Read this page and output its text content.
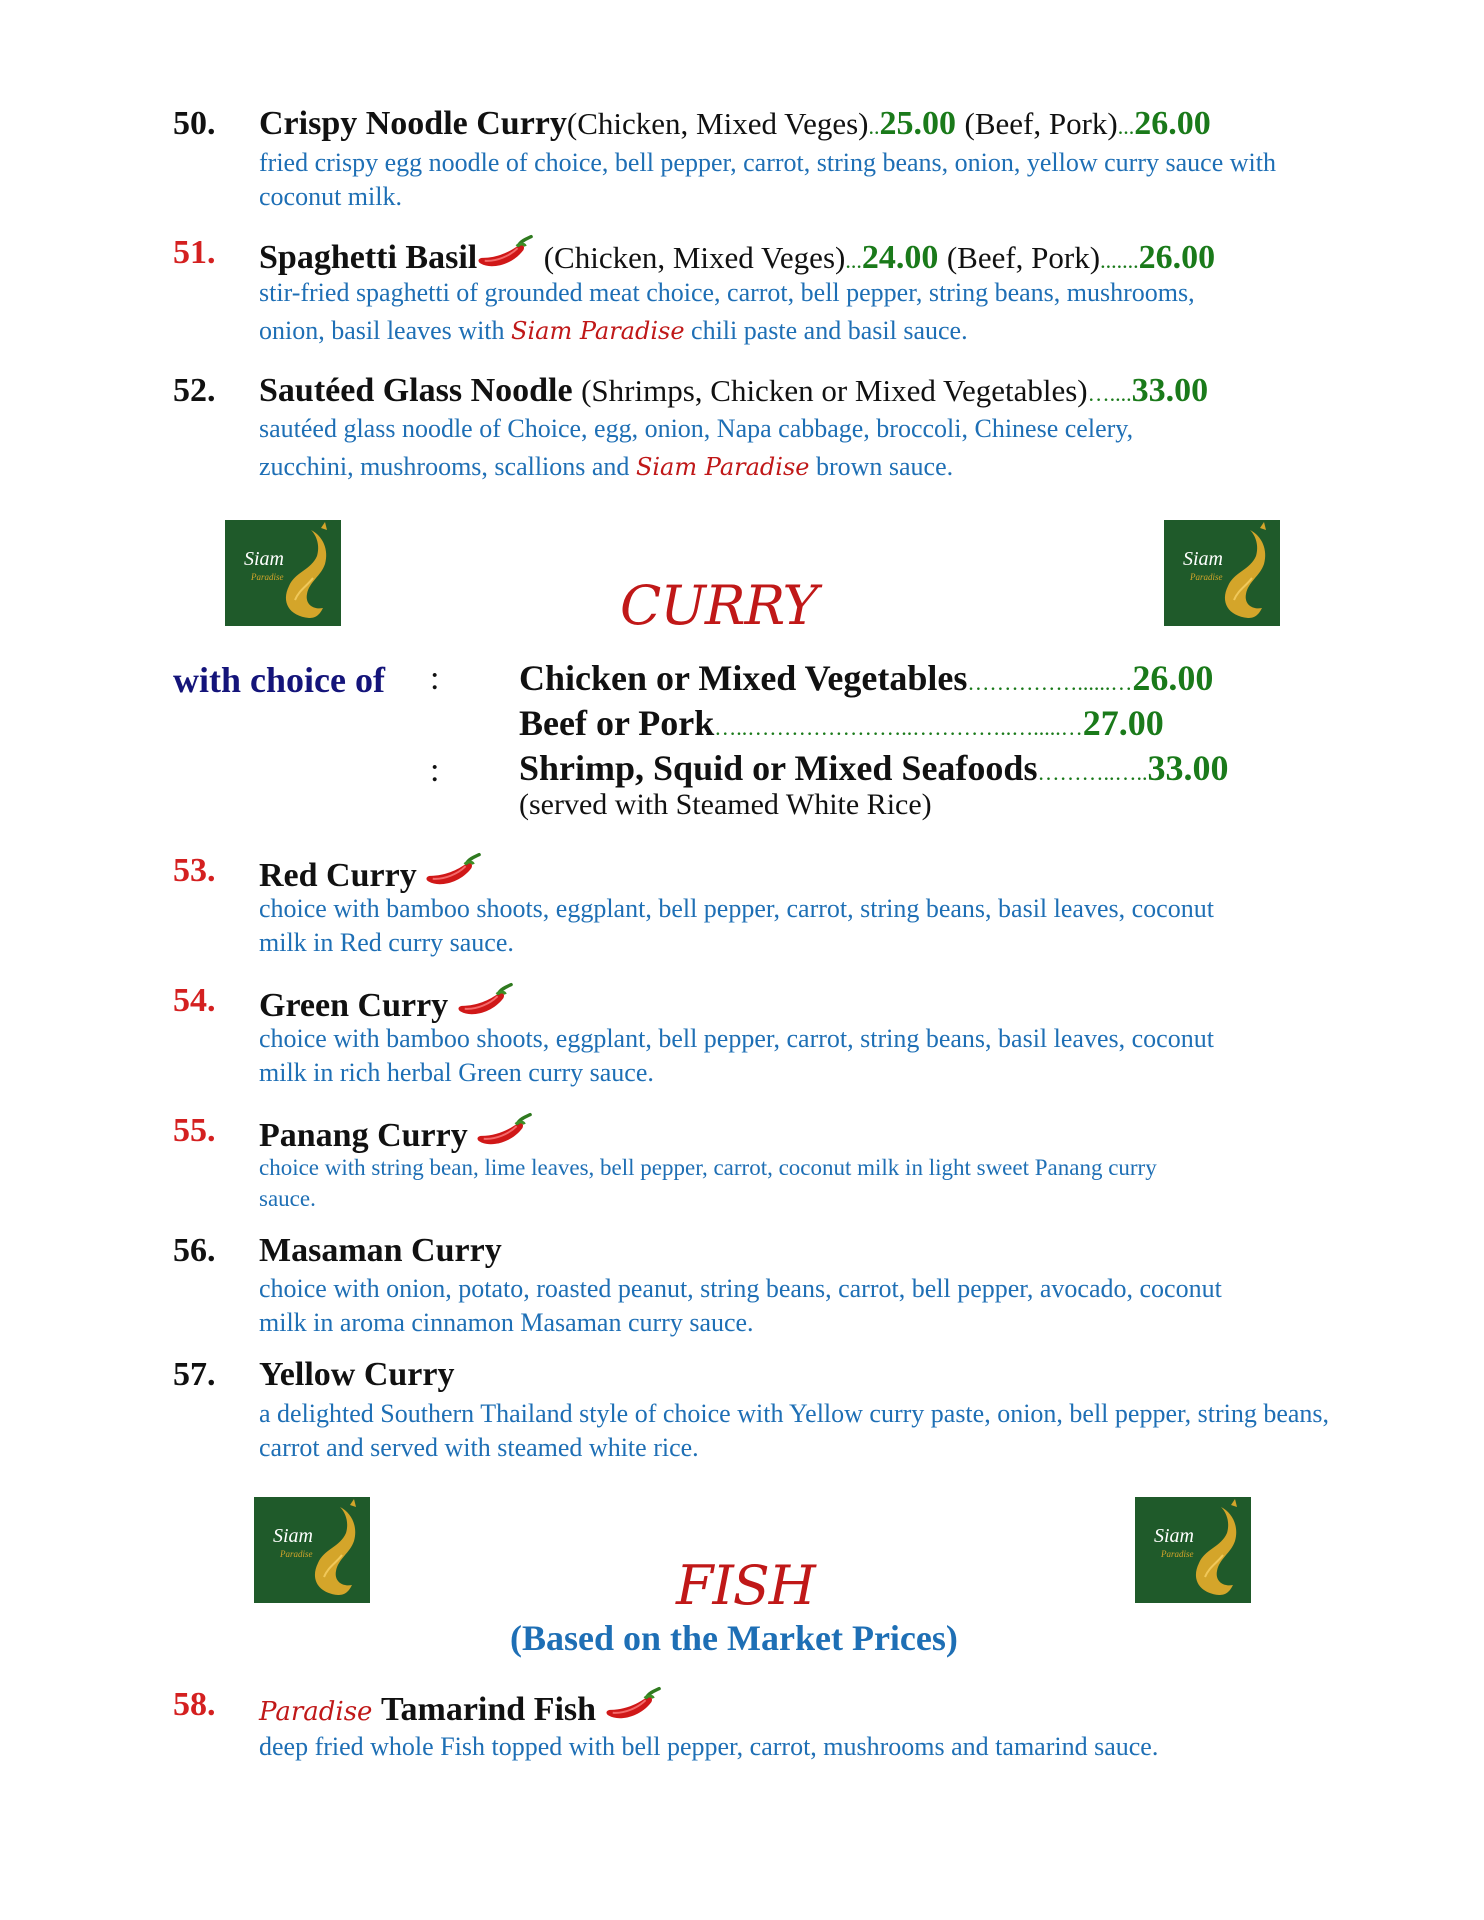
50. Crispy Noodle Curry(Chicken, Mixed Veges)..25.00 (Beef, Pork)...26.00
fried crispy egg noodle of choice, bell pepper, carrot, string beans, onion, yellow curry sauce with coconut milk.
51. Spaghetti Basil (Chicken, Mixed Veges)...24.00 (Beef, Pork).......26.00
stir-fried spaghetti of grounded meat choice, carrot, bell pepper, string beans, mushrooms,
onion, basil leaves with Siam Paradise chili paste and basil sauce.
52. Sautéed Glass Noodle (Shrimps, Chicken or Mixed Vegetables)…....33.00
sautéed glass noodle of Choice, egg, onion, Napa cabbage, broccoli, Chinese celery,
zucchini, mushrooms, scallions and Siam Paradise brown sauce.
Siam
Paradise
Siam
Paradise
CURRY
with choice of :
:
Chicken or Mixed Vegetables……………......…26.00
Beef or Pork…..…………………..…………..….....…27.00
Shrimp, Squid or Mixed Seafoods………..…..33.00
(served with Steamed White Rice)
53. Red Curry
choice with bamboo shoots, eggplant, bell pepper, carrot, string beans, basil leaves, coconut milk in Red curry sauce.
54. Green Curry
choice with bamboo shoots, eggplant, bell pepper, carrot, string beans, basil leaves, coconut milk in rich herbal Green curry sauce.
55. Panang Curry
choice with string bean, lime leaves, bell pepper, carrot, coconut milk in light sweet Panang curry sauce.
56. Masaman Curry
choice with onion, potato, roasted peanut, string beans, carrot, bell pepper, avocado, coconut milk in aroma cinnamon Masaman curry sauce.
57. Yellow Curry
a delighted Southern Thailand style of choice with Yellow curry paste, onion, bell pepper, string beans, carrot and served with steamed white rice.
Siam
Paradise
Siam
Paradise
FISH
(Based on the Market Prices)
58. Paradise Tamarind Fish
deep fried whole Fish topped with bell pepper, carrot, mushrooms and tamarind sauce.
